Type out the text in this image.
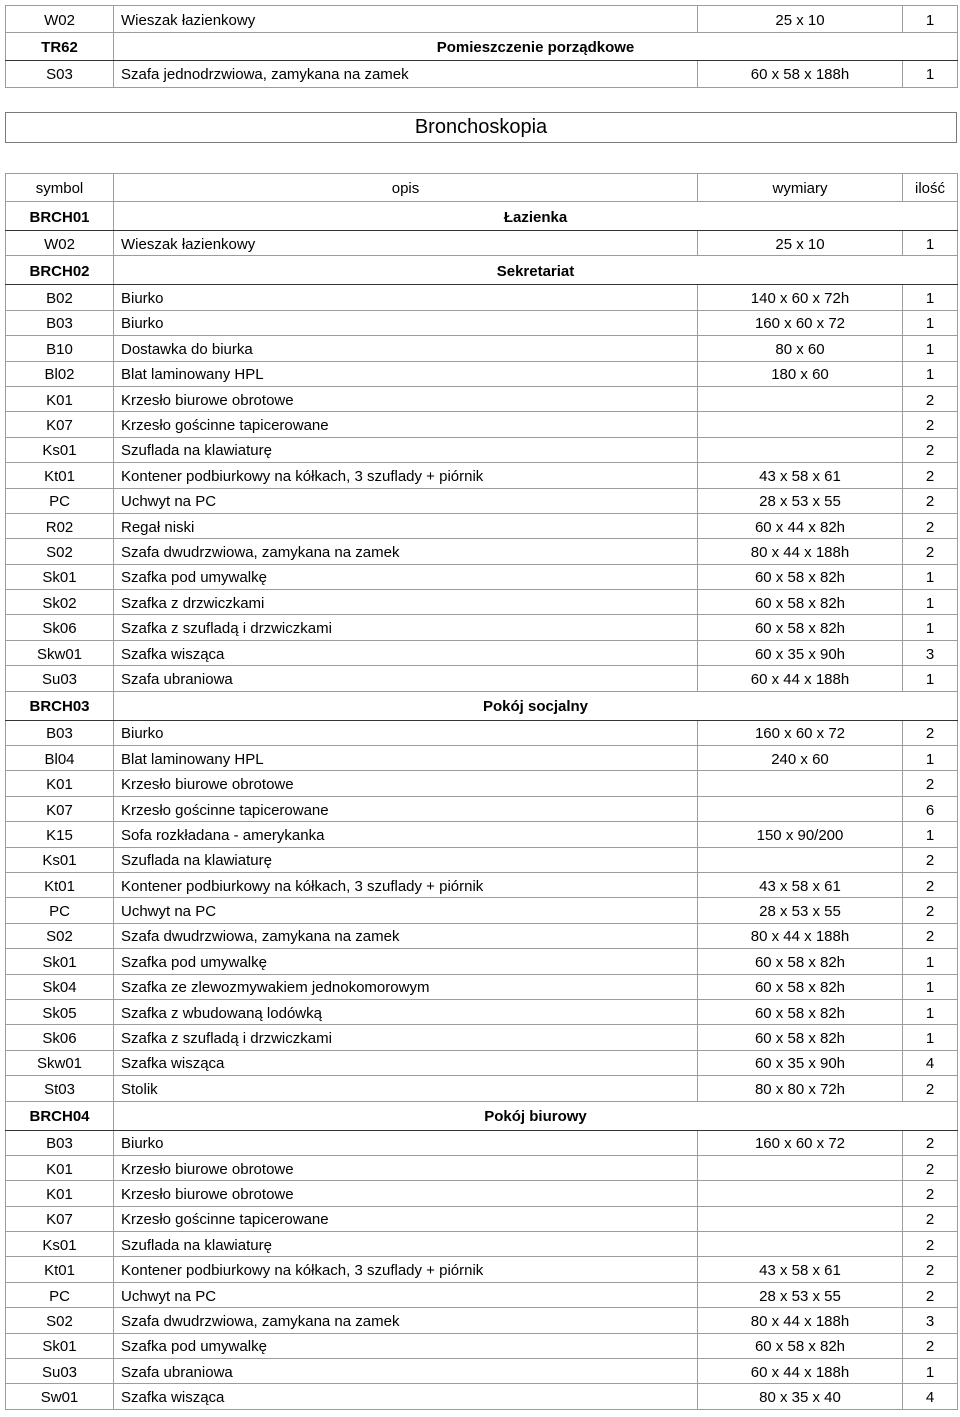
W02	Wieszak łazienkowy	25 x 10	1
TR62	Pomieszczenie porządkowe		
S03	Szafa jednodrzwiowa, zamykana na zamek	60 x 58 x 188h	1
Bronchoskopia
symbol	opis	wymiary	ilość
BRCH01	Łazienka		
W02	Wieszak łazienkowy	25 x 10	1
BRCH02	Sekretariat		
B02	Biurko	140 x 60 x 72h	1
B03	Biurko	160 x 60 x 72	1
B10	Dostawka do biurka	80 x 60	1
Bl02	Blat laminowany HPL	180 x 60	1
K01	Krzesło biurowe obrotowe		2
K07	Krzesło gościnne tapicerowane		2
Ks01	Szuflada na klawiaturę		2
Kt01	Kontener podbiurkowy na kółkach, 3 szuflady + piórnik	43 x 58 x 61	2
PC	Uchwyt na PC	28 x 53 x 55	2
R02	Regał niski	60 x 44 x 82h	2
S02	Szafa dwudrzwiowa, zamykana na zamek	80 x 44 x 188h	2
Sk01	Szafka pod umywalkę	60 x 58 x 82h	1
Sk02	Szafka z drzwiczkami	60 x 58 x 82h	1
Sk06	Szafka z szufladą i drzwiczkami	60 x 58 x 82h	1
Skw01	Szafka wisząca	60 x 35 x 90h	3
Su03	Szafa ubraniowa	60 x 44 x 188h	1
BRCH03	Pokój socjalny		
B03	Biurko	160 x 60 x 72	2
Bl04	Blat laminowany HPL	240 x 60	1
K01	Krzesło biurowe obrotowe		2
K07	Krzesło gościnne tapicerowane		6
K15	Sofa rozkładana - amerykanka	150 x 90/200	1
Ks01	Szuflada na klawiaturę		2
Kt01	Kontener podbiurkowy na kółkach, 3 szuflady + piórnik	43 x 58 x 61	2
PC	Uchwyt na PC	28 x 53 x 55	2
S02	Szafa dwudrzwiowa, zamykana na zamek	80 x 44 x 188h	2
Sk01	Szafka pod umywalkę	60 x 58 x 82h	1
Sk04	Szafka ze zlewozmywakiem jednokomorowym	60 x 58 x 82h	1
Sk05	Szafka z wbudowaną lodówką	60 x 58 x 82h	1
Sk06	Szafka z szufladą i drzwiczkami	60 x 58 x 82h	1
Skw01	Szafka wisząca	60 x 35 x 90h	4
St03	Stolik	80 x 80 x 72h	2
BRCH04	Pokój biurowy		
B03	Biurko	160 x 60 x 72	2
K01	Krzesło biurowe obrotowe		2
K01	Krzesło biurowe obrotowe		2
K07	Krzesło gościnne tapicerowane		2
Ks01	Szuflada na klawiaturę		2
Kt01	Kontener podbiurkowy na kółkach, 3 szuflady + piórnik	43 x 58 x 61	2
PC	Uchwyt na PC	28 x 53 x 55	2
S02	Szafa dwudrzwiowa, zamykana na zamek	80 x 44 x 188h	3
Sk01	Szafka pod umywalkę	60 x 58 x 82h	2
Su03	Szafa ubraniowa	60 x 44 x 188h	1
Sw01	Szafka wisząca	80 x 35 x 40	4
